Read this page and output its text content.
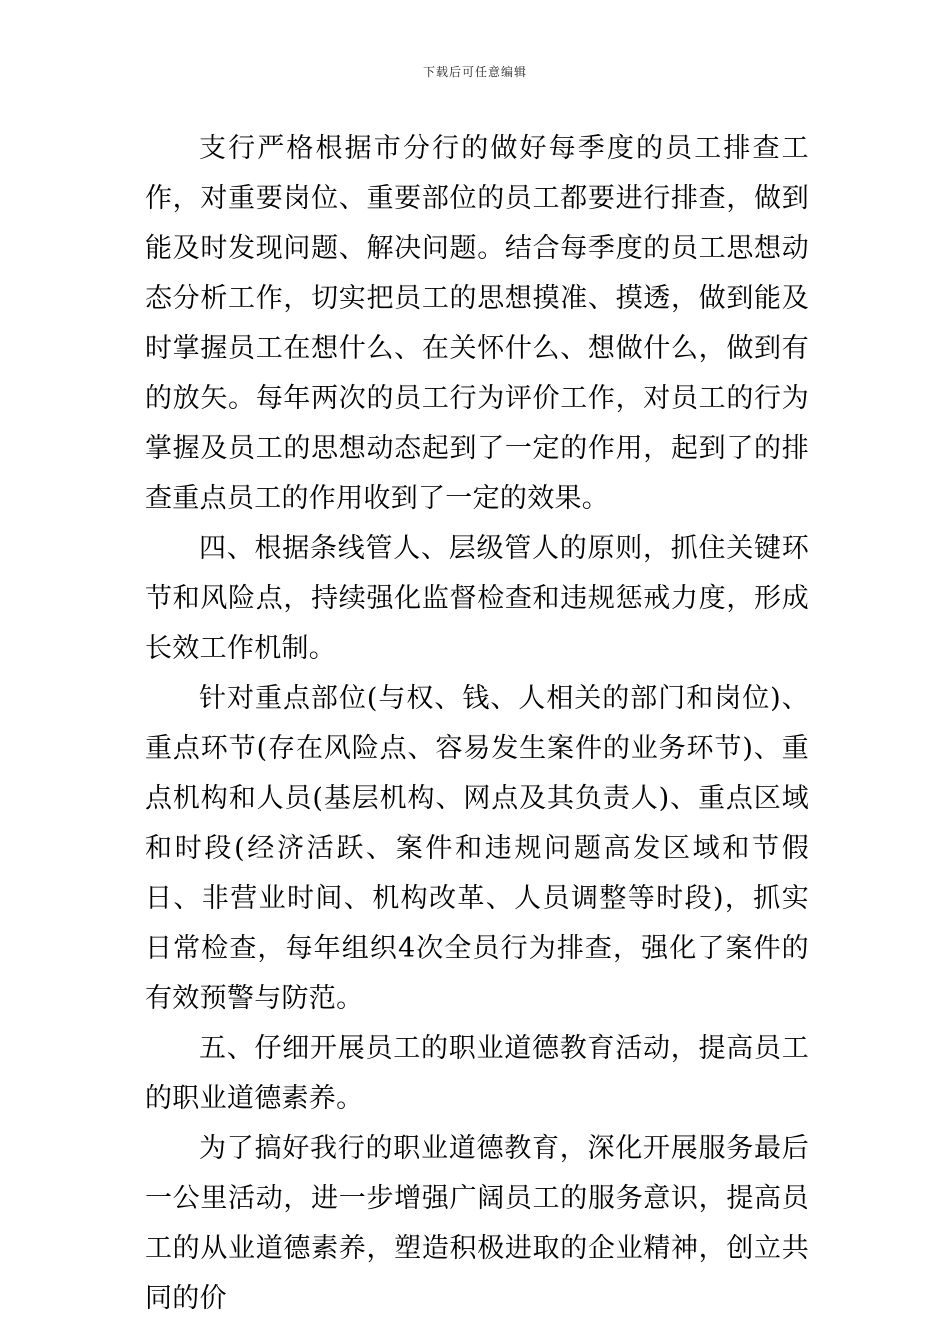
下载后可任意编辑

支行严格根据市分行的做好每季度的员工排查工作，对重要岗位、重要部位的员工都要进行排查，做到能及时发现问题、解决问题。结合每季度的员工思想动态分析工作，切实把员工的思想摸准、摸透，做到能及时掌握员工在想什么、在关怀什么、想做什么，做到有的放矢。每年两次的员工行为评价工作，对员工的行为掌握及员工的思想动态起到了一定的作用，起到了的排查重点员工的作用收到了一定的效果。

四、根据条线管人、层级管人的原则，抓住关键环节和风险点，持续强化监督检查和违规惩戒力度，形成长效工作机制。

针对重点部位(与权、钱、人相关的部门和岗位)、重点环节(存在风险点、容易发生案件的业务环节)、重点机构和人员(基层机构、网点及其负责人)、重点区域和时段(经济活跃、案件和违规问题高发区域和节假日、非营业时间、机构改革、人员调整等时段)，抓实日常检查，每年组织4次全员行为排查，强化了案件的有效预警与防范。

五、仔细开展员工的职业道德教育活动，提高员工的职业道德素养。

为了搞好我行的职业道德教育，深化开展服务最后一公里活动，进一步增强广阔员工的服务意识，提高员工的从业道德素养，塑造积极进取的企业精神，创立共同的价
